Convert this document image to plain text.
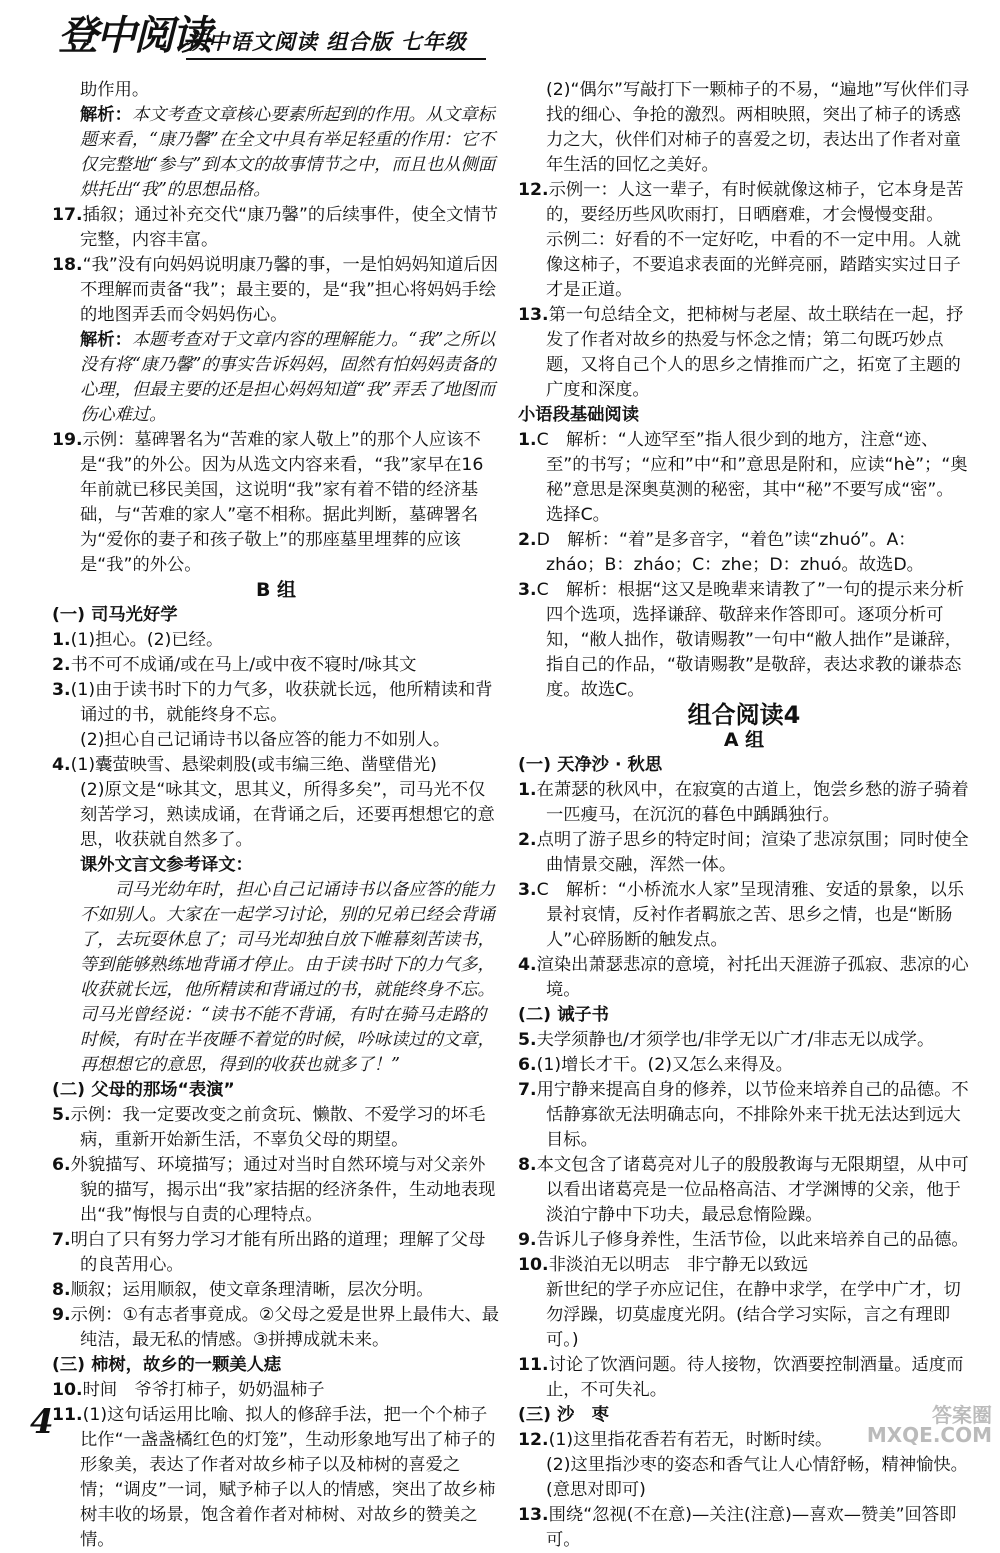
登中阅读
初中语文阅读 组合版 七年级

助作用。

解析：本文考查文章核心要素所起到的作用。从文章标题来看，“康乃馨”在全文中具有举足轻重的作用：它不仅完整地“参与”到本文的故事情节之中，而且也从侧面烘托出“我”的思想品格。

17.插叙；通过补充交代“康乃馨”的后续事件，使全文情节完整，内容丰富。

18.“我”没有向妈妈说明康乃馨的事，一是怕妈妈知道后因不理解而责备“我”；最主要的，是“我”担心将妈妈手绘的地图弄丢而令妈妈伤心。

解析：本题考查对于文章内容的理解能力。“我”之所以没有将“康乃馨”的事实告诉妈妈，固然有怕妈妈责备的心理，但最主要的还是担心妈妈知道“我”弄丢了地图而伤心难过。

19.示例：墓碑署名为“苦难的家人敬上”的那个人应该不是“我”的外公。因为从选文内容来看，“我”家早在16年前就已移民美国，这说明“我”家有着不错的经济基础，与“苦难的家人”毫不相称。据此判断，墓碑署名为“爱你的妻子和孩子敬上”的那座墓里埋葬的应该是“我”的外公。

B 组

(一) 司马光好学

1.(1)担心。(2)已经。

2.书不可不成诵/或在马上/或中夜不寝时/咏其文

3.(1)由于读书时下的力气多，收获就长远，他所精读和背诵过的书，就能终身不忘。

(2)担心自己记诵诗书以备应答的能力不如别人。

4.(1)囊萤映雪、悬梁刺股(或韦编三绝、凿壁借光)

(2)原文是“咏其文，思其义，所得多矣”，司马光不仅刻苦学习，熟读成诵，在背诵之后，还要再想想它的意思，收获就自然多了。

课外文言文参考译文：

　　司马光幼年时，担心自己记诵诗书以备应答的能力不如别人。大家在一起学习讨论，别的兄弟已经会背诵了，去玩耍休息了；司马光却独自放下帷幕刻苦读书，等到能够熟练地背诵才停止。由于读书时下的力气多，收获就长远，他所精读和背诵过的书，就能终身不忘。司马光曾经说：“读书不能不背诵，有时在骑马走路的时候，有时在半夜睡不着觉的时候，吟咏读过的文章，再想想它的意思，得到的收获也就多了！”

(二) 父母的那场“表演”

5.示例：我一定要改变之前贪玩、懒散、不爱学习的坏毛病，重新开始新生活，不辜负父母的期望。

6.外貌描写、环境描写；通过对当时自然环境与对父亲外貌的描写，揭示出“我”家拮据的经济条件，生动地表现出“我”悔恨与自责的心理特点。

7.明白了只有努力学习才能有所出路的道理；理解了父母的良苦用心。

8.顺叙；运用顺叙，使文章条理清晰，层次分明。

9.示例：①有志者事竟成。②父母之爱是世界上最伟大、最纯洁，最无私的情感。③拼搏成就未来。

(三) 柿树，故乡的一颗美人痣

10.时间　爷爷打柿子，奶奶温柿子

11.(1)这句话运用比喻、拟人的修辞手法，把一个个柿子比作“一盏盏橘红色的灯笼”，生动形象地写出了柿子的形象美，表达了作者对故乡柿子以及柿树的喜爱之情；“调皮”一词，赋予柿子以人的情感，突出了故乡柿树丰收的场景，饱含着作者对柿树、对故乡的赞美之情。

(2)“偶尔”写敲打下一颗柿子的不易，“遍地”写伙伴们寻找的细心、争抢的激烈。两相映照，突出了柿子的诱惑力之大，伙伴们对柿子的喜爱之切，表达出了作者对童年生活的回忆之美好。

12.示例一：人这一辈子，有时候就像这柿子，它本身是苦的，要经历些风吹雨打，日晒磨难，才会慢慢变甜。

示例二：好看的不一定好吃，中看的不一定中用。人就像这柿子，不要追求表面的光鲜亮丽，踏踏实实过日子才是正道。

13.第一句总结全文，把柿树与老屋、故土联结在一起，抒发了作者对故乡的热爱与怀念之情；第二句既巧妙点题，又将自己个人的思乡之情推而广之，拓宽了主题的广度和深度。

小语段基础阅读

1.C　解析：“人迹罕至”指人很少到的地方，注意“迹、至”的书写；“应和”中“和”意思是附和，应读“hè”；“奥秘”意思是深奥莫测的秘密，其中“秘”不要写成“密”。选择C。

2.D　解析：“着”是多音字，“着色”读“zhuó”。A：zháo；B：zháo；C：zhe；D：zhuó。故选D。

3.C　解析：根据“这又是晚辈来请教了”一句的提示来分析四个选项，选择谦辞、敬辞来作答即可。逐项分析可知，“敝人拙作，敬请赐教”一句中“敝人拙作”是谦辞，指自己的作品，“敬请赐教”是敬辞，表达求教的谦恭态度。故选C。

组合阅读4

A 组

(一) 天净沙 · 秋思

1.在萧瑟的秋风中，在寂寞的古道上，饱尝乡愁的游子骑着一匹瘦马，在沉沉的暮色中踽踽独行。

2.点明了游子思乡的特定时间；渲染了悲凉氛围；同时使全曲情景交融，浑然一体。

3.C　解析：“小桥流水人家”呈现清雅、安适的景象，以乐景衬哀情，反衬作者羁旅之苦、思乡之情，也是“断肠人”心碎肠断的触发点。

4.渲染出萧瑟悲凉的意境，衬托出天涯游子孤寂、悲凉的心境。

(二) 诫子书

5.夫学须静也/才须学也/非学无以广才/非志无以成学。

6.(1)增长才干。(2)又怎么来得及。

7.用宁静来提高自身的修养，以节俭来培养自己的品德。不恬静寡欲无法明确志向，不排除外来干扰无法达到远大目标。

8.本文包含了诸葛亮对儿子的殷殷教诲与无限期望，从中可以看出诸葛亮是一位品格高洁、才学渊博的父亲，他于淡泊宁静中下功夫，最忌怠惰险躁。

9.告诉儿子修身养性，生活节俭，以此来培养自己的品德。

10.非淡泊无以明志　非宁静无以致远

新世纪的学子亦应记住，在静中求学，在学中广才，切勿浮躁，切莫虚度光阴。(结合学习实际，言之有理即可。)

11.讨论了饮酒问题。待人接物，饮酒要控制酒量。适度而止，不可失礼。

(三) 沙　枣

12.(1)这里指花香若有若无，时断时续。

(2)这里指沙枣的姿态和香气让人心情舒畅，精神愉快。(意思对即可)

13.围绕“忽视(不在意)—关注(注意)—喜欢—赞美”回答即可。

4	答案圈
MXQE.COM
